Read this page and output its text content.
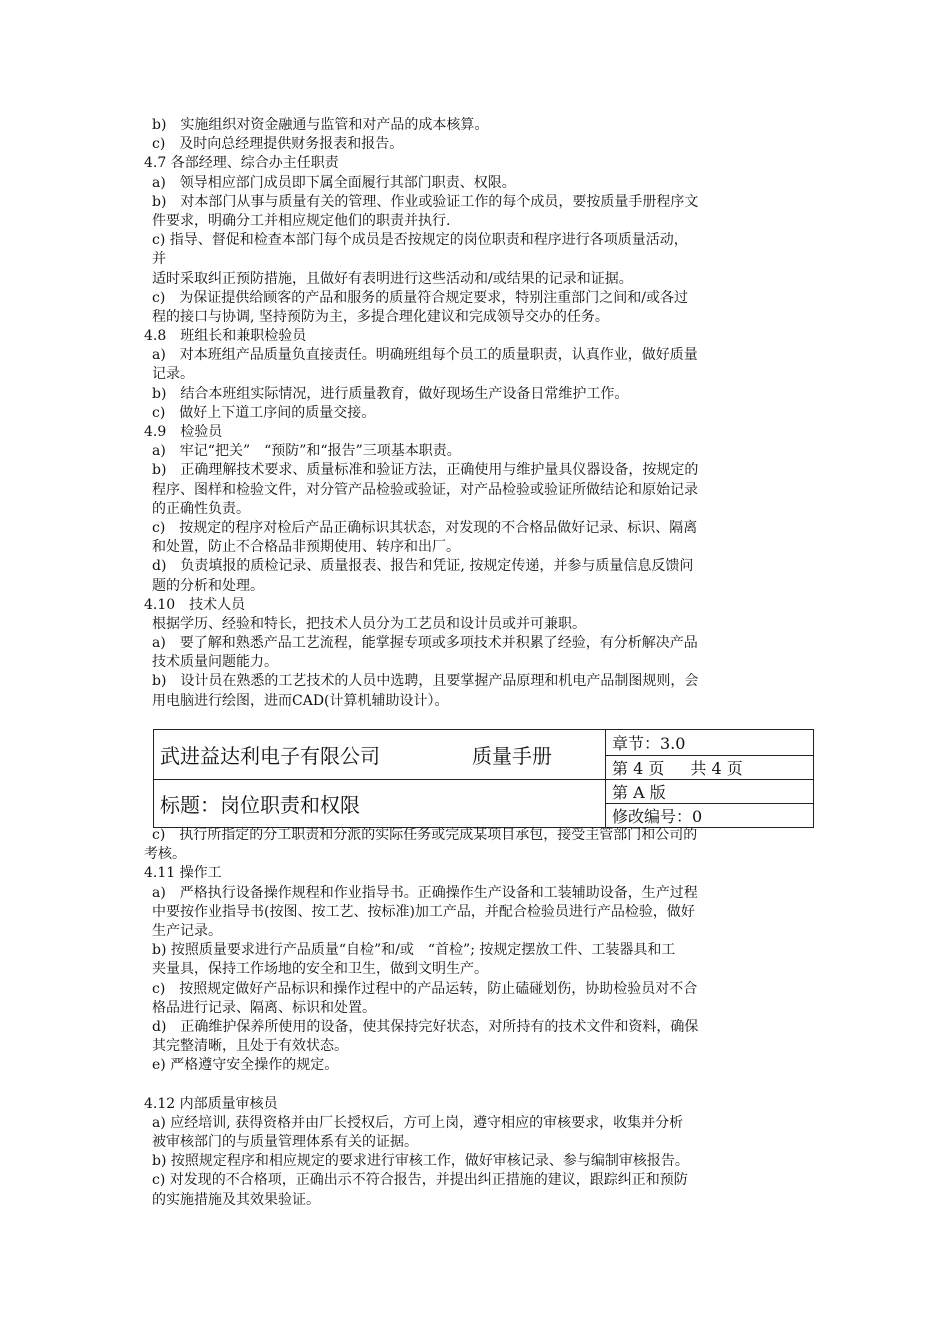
b)　实施组织对资金融通与监管和对产品的成本核算。
c)　及时向总经理提供财务报表和报告。
4.7 各部经理、综合办主任职责
a)　领导相应部门成员即下属全面履行其部门职责、权限。
b)　对本部门从事与质量有关的管理、作业或验证工作的每个成员，要按质量手册程序文
件要求，明确分工并相应规定他们的职责并执行.
c) 指导、督促和检查本部门每个成员是否按规定的岗位职责和程序进行各项质量活动，
并
适时采取纠正预防措施，且做好有表明进行这些活动和/或结果的记录和证据。
c)　为保证提供给顾客的产品和服务的质量符合规定要求，特别注重部门之间和/或各过
程的接口与协调, 坚持预防为主，多提合理化建议和完成领导交办的任务。
4.8　班组长和兼职检验员
a)　对本班组产品质量负直接责任。明确班组每个员工的质量职责，认真作业，做好质量
记录。
b)　结合本班组实际情况，进行质量教育，做好现场生产设备日常维护工作。
c)　做好上下道工序间的质量交接。
4.9　检验员
a)　牢记“把关”　“预防”和“报告”三项基本职责。
b)　正确理解技术要求、质量标准和验证方法，正确使用与维护量具仪器设备，按规定的
程序、图样和检验文件，对分管产品检验或验证，对产品检验或验证所做结论和原始记录
的正确性负责。
c)　按规定的程序对检后产品正确标识其状态，对发现的不合格品做好记录、标识、隔离
和处置，防止不合格品非预期使用、转序和出厂。
d)　负责填报的质检记录、质量报表、报告和凭证, 按规定传递，并参与质量信息反馈问
题的分析和处理。
4.10　技术人员
根据学历、经验和特长，把技术人员分为工艺员和设计员或并可兼职。
a)　要了解和熟悉产品工艺流程，能掌握专项或多项技术并积累了经验，有分析解决产品
技术质量问题能力。
b)　设计员在熟悉的工艺技术的人员中选聘，且要掌握产品原理和机电产品制图规则，会
用电脑进行绘图，进而CAD(计算机辅助设计）。
武进益达利电子有限公司 质量手册	章节：3.0
	第 4 页 共 4 页
标题：岗位职责和权限	第 A 版
	修改编号：0
c)　执行所指定的分工职责和分派的实际任务或完成某项目承包，接受主管部门和公司的
考核。
4.11 操作工
a)　严格执行设备操作规程和作业指导书。正确操作生产设备和工装辅助设备，生产过程
中要按作业指导书(按图、按工艺、按标准)加工产品，并配合检验员进行产品检验，做好
生产记录。
b) 按照质量要求进行产品质量“自检”和/或　“首检”; 按规定摆放工件、工装器具和工
夹量具，保持工作场地的安全和卫生，做到文明生产。
c)　按照规定做好产品标识和操作过程中的产品运转，防止磕碰划伤，协助检验员对不合
格品进行记录、隔离、标识和处置。
d)　正确维护保养所使用的设备，使其保持完好状态，对所持有的技术文件和资料，确保
其完整清晰，且处于有效状态。
e) 严格遵守安全操作的规定。
4.12 内部质量审核员
a) 应经培训, 获得资格并由厂长授权后，方可上岗，遵守相应的审核要求，收集并分析
被审核部门的与质量管理体系有关的证据。
b) 按照规定程序和相应规定的要求进行审核工作，做好审核记录、参与编制审核报告。
c) 对发现的不合格项，正确出示不符合报告，并提出纠正措施的建议，跟踪纠正和预防
的实施措施及其效果验证。
